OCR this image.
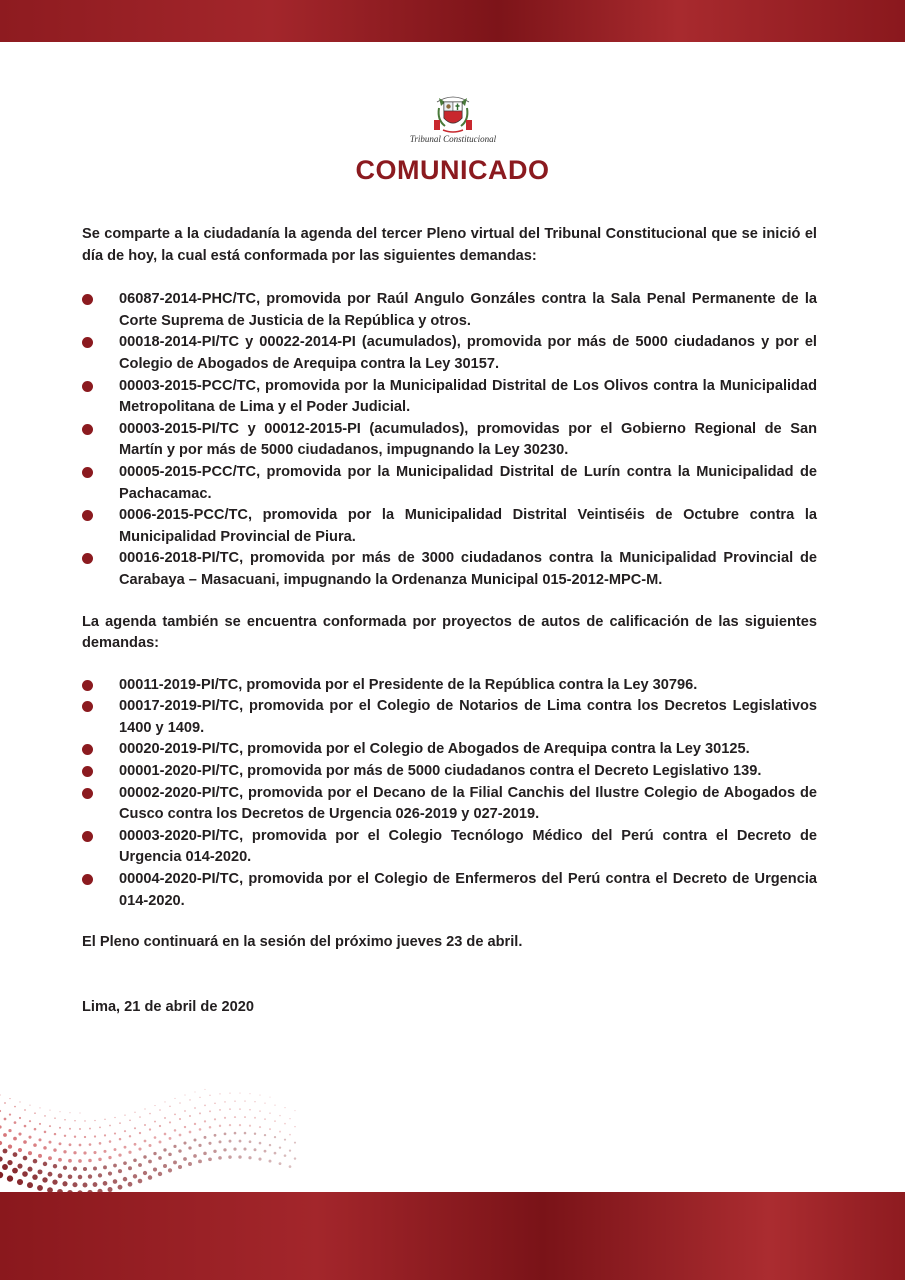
Tribunal Constitucional
COMUNICADO

Se comparte a la ciudadanía la agenda del tercer Pleno virtual del Tribunal Constitucional que se inició el día de hoy, la cual está conformada por las siguientes demandas:

06087-2014-PHC/TC, promovida por Raúl Angulo Gonzáles contra la Sala Penal Permanente de la Corte Suprema de Justicia de la República y otros.
00018-2014-PI/TC y 00022-2014-PI (acumulados), promovida por más de 5000 ciudadanos y por el Colegio de Abogados de Arequipa contra la Ley 30157.
00003-2015-PCC/TC, promovida por la Municipalidad Distrital de Los Olivos contra la Municipalidad Metropolitana de Lima y el Poder Judicial.
00003-2015-PI/TC y 00012-2015-PI (acumulados), promovidas por el Gobierno Regional de San Martín y por más de 5000 ciudadanos, impugnando la Ley 30230.
00005-2015-PCC/TC, promovida por la Municipalidad Distrital de Lurín contra la Municipalidad de Pachacamac.
0006-2015-PCC/TC, promovida por la Municipalidad Distrital Veintiséis de Octubre contra la Municipalidad Provincial de Piura.
00016-2018-PI/TC, promovida por más de 3000 ciudadanos contra la Municipalidad Provincial de Carabaya – Masacuani, impugnando la Ordenanza Municipal 015-2012-MPC-M.

La agenda también se encuentra conformada por proyectos de autos de calificación de las siguientes demandas:

00011-2019-PI/TC, promovida por el Presidente de la República contra la Ley 30796.
00017-2019-PI/TC, promovida por el Colegio de Notarios de Lima contra los Decretos Legislativos 1400 y 1409.
00020-2019-PI/TC, promovida por el Colegio de Abogados de Arequipa contra la Ley 30125.
00001-2020-PI/TC, promovida por más de 5000 ciudadanos contra el Decreto Legislativo 139.
00002-2020-PI/TC, promovida por el Decano de la Filial Canchis del Ilustre Colegio de Abogados de Cusco contra los Decretos de Urgencia 026-2019 y 027-2019.
00003-2020-PI/TC, promovida por el Colegio Tecnólogo Médico del Perú contra el Decreto de Urgencia 014-2020.
00004-2020-PI/TC, promovida por el Colegio de Enfermeros del Perú contra el Decreto de Urgencia 014-2020.

El Pleno continuará en la sesión del próximo jueves 23 de abril.

Lima, 21 de abril de 2020
